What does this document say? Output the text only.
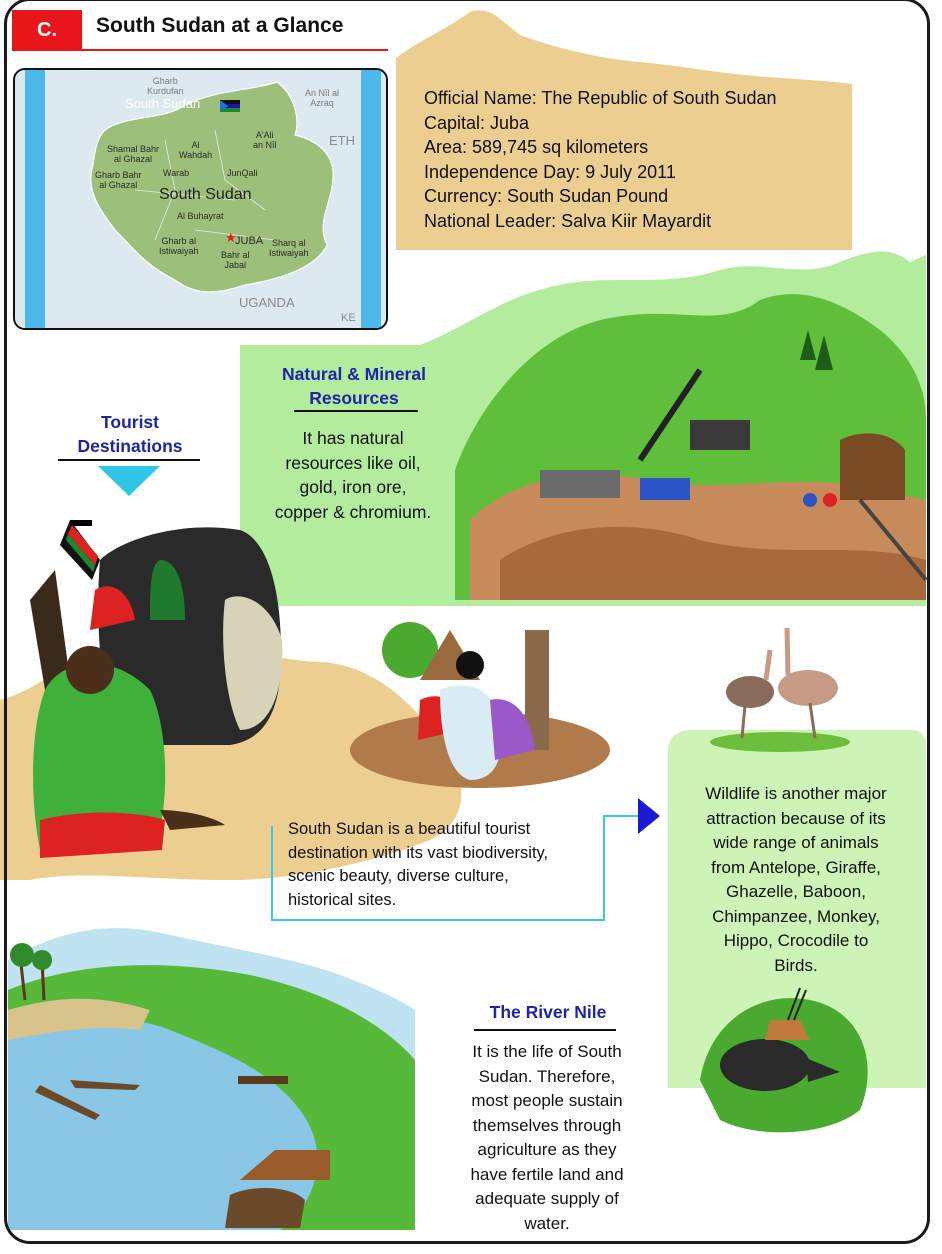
C.	South Sudan at a Glance
★
Gharb
Kurdufan	An Nīl al
Azraq
South Sudan
ETH
Shamal Bahr
al Ghazal
Al
Wahdah
A'Ali
an Nīl
Gharb Bahr
al Ghazal
Warab	JunQali
South Sudan
Al Buhayrat
Gharb al
Istiwaiyah
JUBA Sharq al
Istiwaiyah
Bahr al
Jabal
UGANDA
KE
Official Name: The Republic of South Sudan
Capital: Juba
Area: 589,745 sq kilometers
Independence Day: 9 July 2011
Currency: South Sudan Pound
National Leader: Salva Kiir Mayardit
Natural & Mineral
Resources
It has natural
resources like oil,
gold, iron ore,
copper & chromium.
Tourist
Destinations
South Sudan is a beautiful tourist
destination with its vast biodiversity,
scenic beauty, diverse culture,
historical sites.
Wildlife is another major
attraction because of its
wide range of animals
from Antelope, Giraffe,
Ghazelle, Baboon,
Chimpanzee, Monkey,
Hippo, Crocodile to
Birds.
The River Nile
It is the life of South
Sudan. Therefore,
most people sustain
themselves through
agriculture as they
have fertile land and
adequate supply of
water.
